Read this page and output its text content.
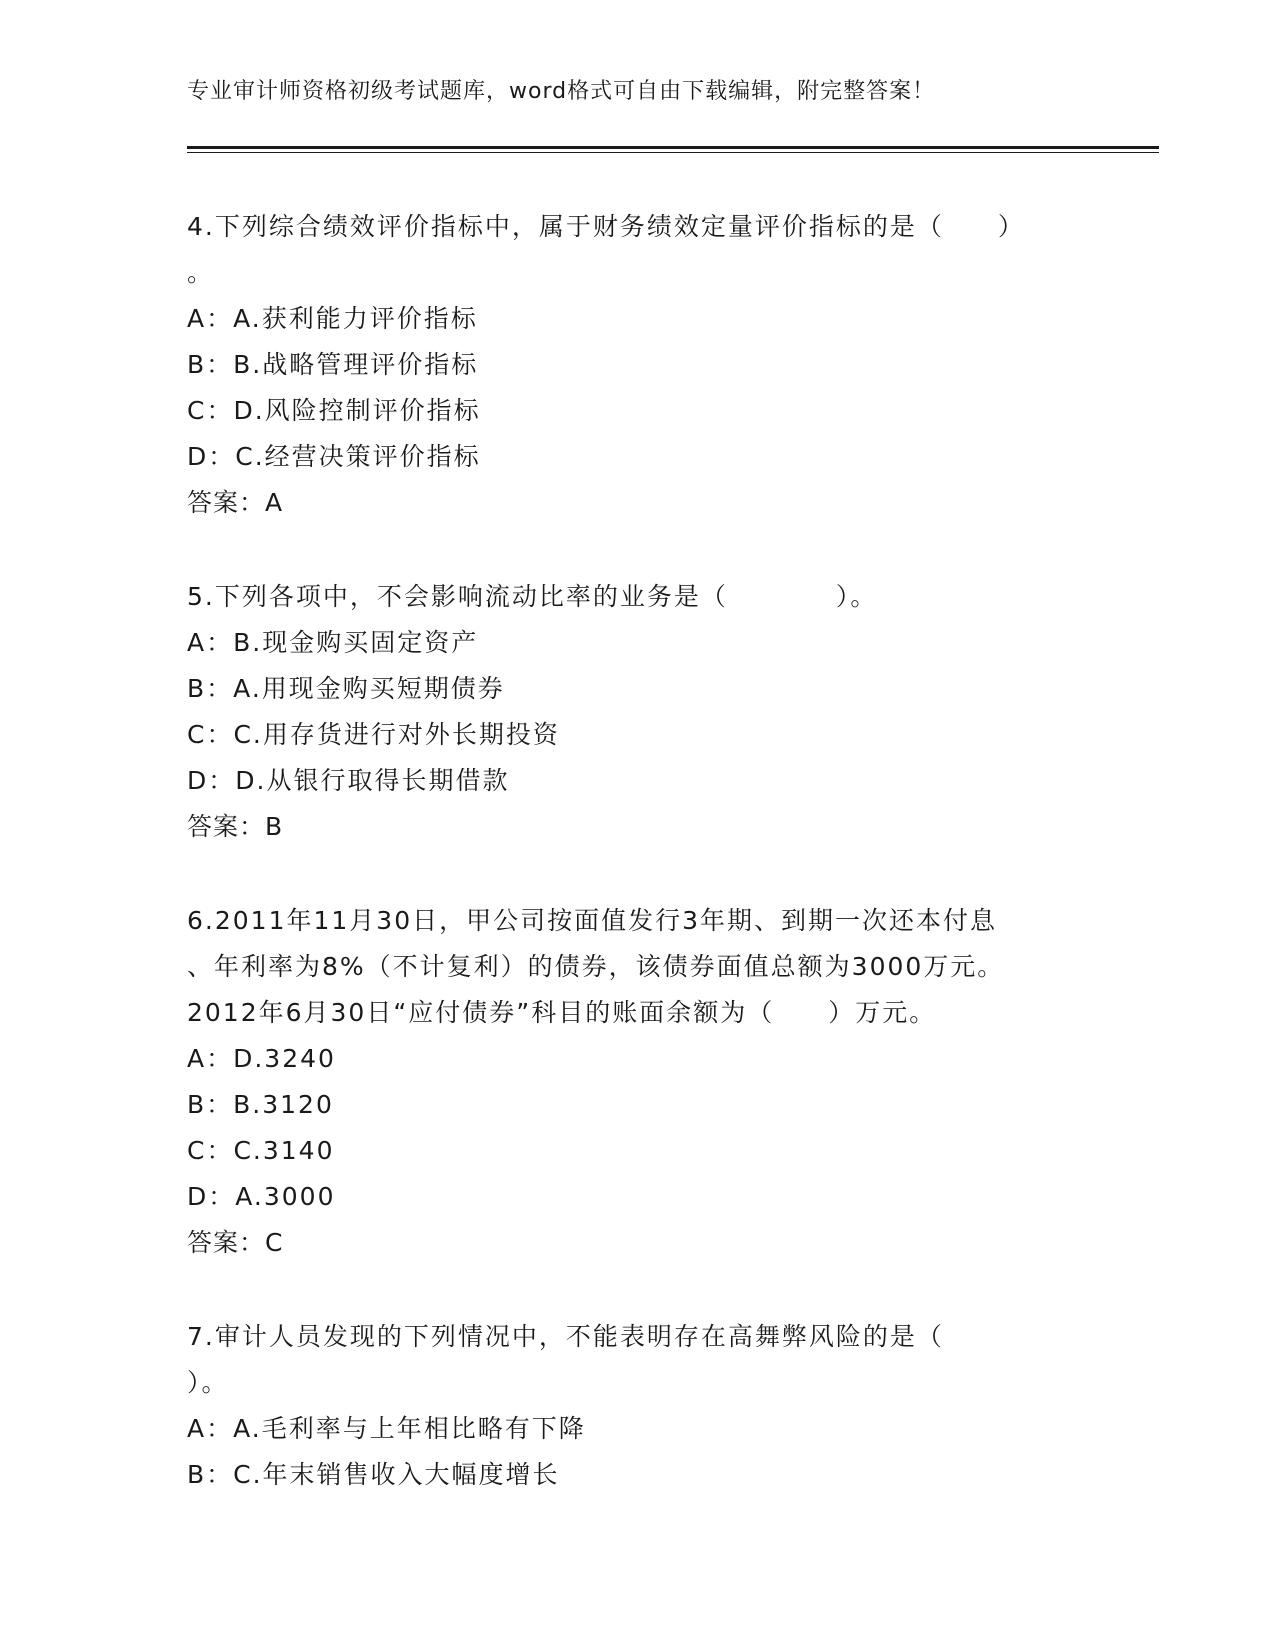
专业审计师资格初级考试题库，word格式可自由下载编辑，附完整答案！
4.下列综合绩效评价指标中，属于财务绩效定量评价指标的是（　　）
。
A：A.获利能力评价指标
B：B.战略管理评价指标
C：D.风险控制评价指标
D：C.经营决策评价指标
答案：A
5.下列各项中，不会影响流动比率的业务是（　　　　）。
A：B.现金购买固定资产
B：A.用现金购买短期债券
C：C.用存货进行对外长期投资
D：D.从银行取得长期借款
答案：B
6.2011年11月30日，甲公司按面值发行3年期、到期一次还本付息
、年利率为8%（不计复利）的债券，该债券面值总额为3000万元。
2012年6月30日“应付债券”科目的账面余额为（　　）万元。
A：D.3240
B：B.3120
C：C.3140
D：A.3000
答案：C
7.审计人员发现的下列情况中，不能表明存在高舞弊风险的是（
）。
A：A.毛利率与上年相比略有下降
B：C.年末销售收入大幅度增长
